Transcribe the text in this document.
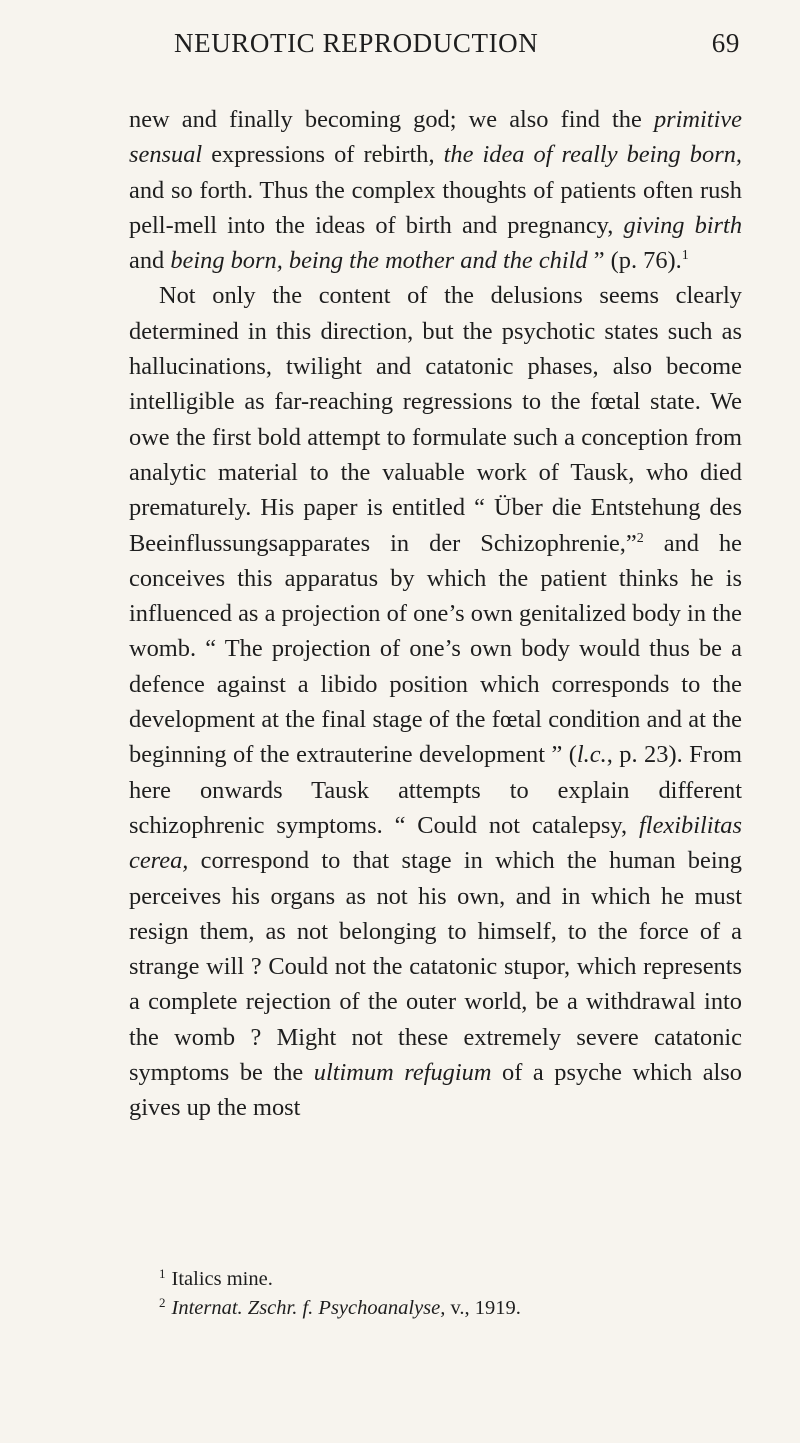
NEUROTIC REPRODUCTION	69

new and finally becoming god; we also find the primitive sensual expressions of rebirth, the idea of really being born, and so forth. Thus the complex thoughts of patients often rush pell-mell into the ideas of birth and pregnancy, giving birth and being born, being the mother and the child ” (p. 76).$^1$

Not only the content of the delusions seems clearly determined in this direction, but the psychotic states such as hallucinations, twilight and catatonic phases, also become intelligible as far-reaching regressions to the fœtal state. We owe the first bold attempt to formulate such a conception from analytic material to the valuable work of Tausk, who died prematurely. His paper is entitled “ Über die Entstehung des Beeinflussungsapparates in der Schizophrenie,”$^2$ and he conceives this apparatus by which the patient thinks he is influenced as a projection of one’s own genitalized body in the womb. “ The projection of one’s own body would thus be a defence against a libido position which corresponds to the development at the final stage of the fœtal condition and at the beginning of the extrauterine development ” (l.c., p. 23). From here onwards Tausk attempts to explain different schizophrenic symptoms. “ Could not catalepsy, flexibilitas cerea, correspond to that stage in which the human being perceives his organs as not his own, and in which he must resign them, as not belonging to himself, to the force of a strange will ? Could not the catatonic stupor, which represents a complete rejection of the outer world, be a withdrawal into the womb ? Might not these extremely severe catatonic symptoms be the ultimum refugium of a psyche which also gives up the most

$^1$ Italics mine.
$^2$ Internat. Zschr. f. Psychoanalyse, v., 1919.
